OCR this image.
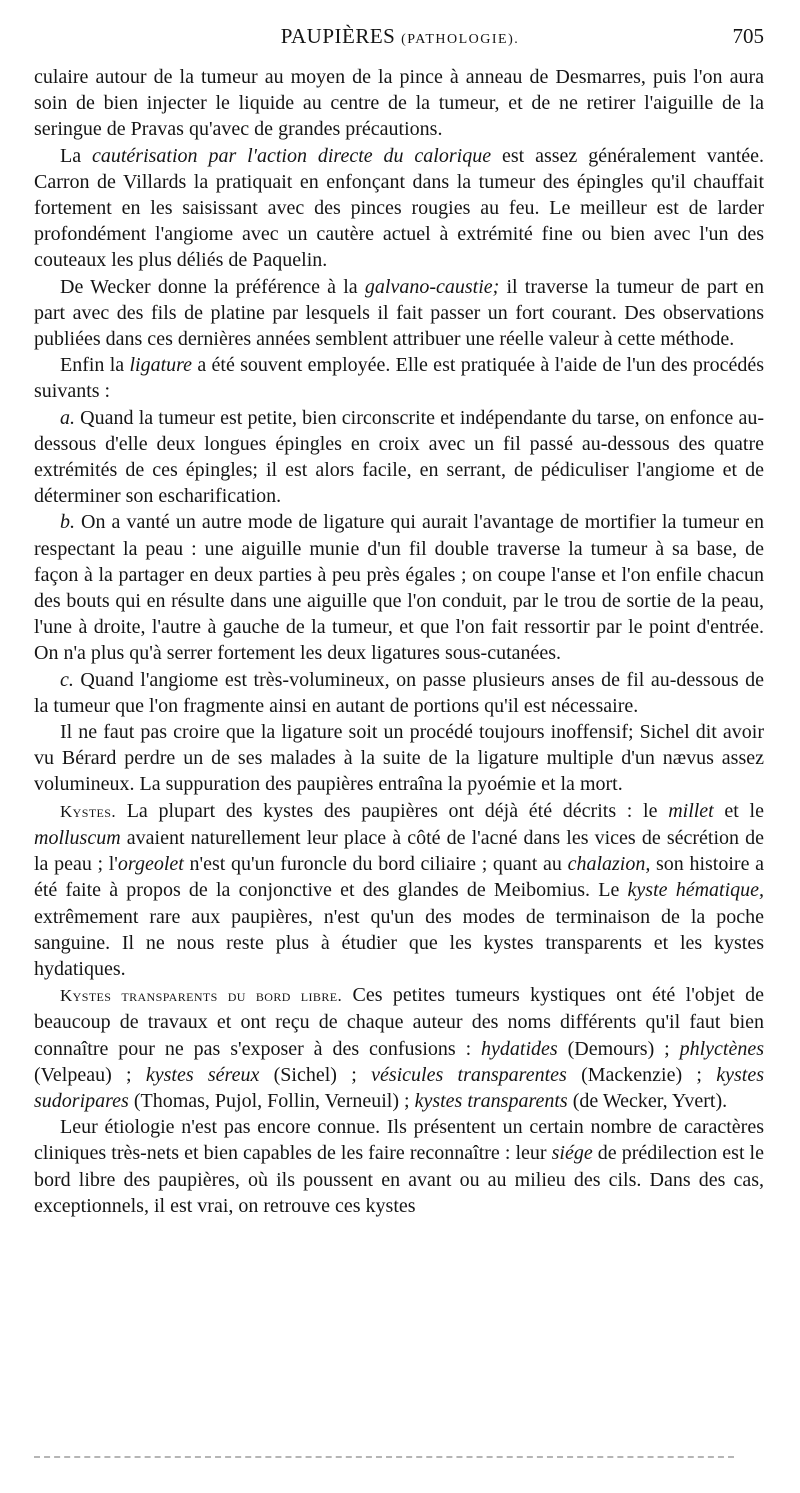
PAUPIÈRES (PATHOLOGIE).	705

culaire autour de la tumeur au moyen de la pince à anneau de Desmarres, puis l'on aura soin de bien injecter le liquide au centre de la tumeur, et de ne retirer l'aiguille de la seringue de Pravas qu'avec de grandes précautions.

La cautérisation par l'action directe du calorique est assez généralement vantée. Carron de Villards la pratiquait en enfonçant dans la tumeur des épingles qu'il chauffait fortement en les saisissant avec des pinces rougies au feu. Le meilleur est de larder profondément l'angiome avec un cautère actuel à extrémité fine ou bien avec l'un des couteaux les plus déliés de Paquelin.

De Wecker donne la préférence à la galvano-caustie; il traverse la tumeur de part en part avec des fils de platine par lesquels il fait passer un fort courant. Des observations publiées dans ces dernières années semblent attribuer une réelle valeur à cette méthode.

Enfin la ligature a été souvent employée. Elle est pratiquée à l'aide de l'un des procédés suivants :

a. Quand la tumeur est petite, bien circonscrite et indépendante du tarse, on enfonce au-dessous d'elle deux longues épingles en croix avec un fil passé au-dessous des quatre extrémités de ces épingles; il est alors facile, en serrant, de pédiculiser l'angiome et de déterminer son escharification.

b. On a vanté un autre mode de ligature qui aurait l'avantage de mortifier la tumeur en respectant la peau : une aiguille munie d'un fil double traverse la tumeur à sa base, de façon à la partager en deux parties à peu près égales ; on coupe l'anse et l'on enfile chacun des bouts qui en résulte dans une aiguille que l'on conduit, par le trou de sortie de la peau, l'une à droite, l'autre à gauche de la tumeur, et que l'on fait ressortir par le point d'entrée. On n'a plus qu'à serrer fortement les deux ligatures sous-cutanées.

c. Quand l'angiome est très-volumineux, on passe plusieurs anses de fil au-dessous de la tumeur que l'on fragmente ainsi en autant de portions qu'il est nécessaire.

Il ne faut pas croire que la ligature soit un procédé toujours inoffensif; Sichel dit avoir vu Bérard perdre un de ses malades à la suite de la ligature multiple d'un nævus assez volumineux. La suppuration des paupières entraîna la pyoémie et la mort.

Kystes. La plupart des kystes des paupières ont déjà été décrits : le millet et le molluscum avaient naturellement leur place à côté de l'acné dans les vices de sécrétion de la peau ; l'orgeolet n'est qu'un furoncle du bord ciliaire ; quant au chalazion, son histoire a été faite à propos de la conjonctive et des glandes de Meibomius. Le kyste hématique, extrêmement rare aux paupières, n'est qu'un des modes de terminaison de la poche sanguine. Il ne nous reste plus à étudier que les kystes transparents et les kystes hydatiques.

Kystes transparents du bord libre. Ces petites tumeurs kystiques ont été l'objet de beaucoup de travaux et ont reçu de chaque auteur des noms différents qu'il faut bien connaître pour ne pas s'exposer à des confusions : hydatides (Demours) ; phlyctènes (Velpeau) ; kystes séreux (Sichel) ; vésicules transparentes (Mackenzie) ; kystes sudoripares (Thomas, Pujol, Follin, Verneuil) ; kystes transparents (de Wecker, Yvert).

Leur étiologie n'est pas encore connue. Ils présentent un certain nombre de caractères cliniques très-nets et bien capables de les faire reconnaître : leur siége de prédilection est le bord libre des paupières, où ils poussent en avant ou au milieu des cils. Dans des cas, exceptionnels, il est vrai, on retrouve ces kystes
